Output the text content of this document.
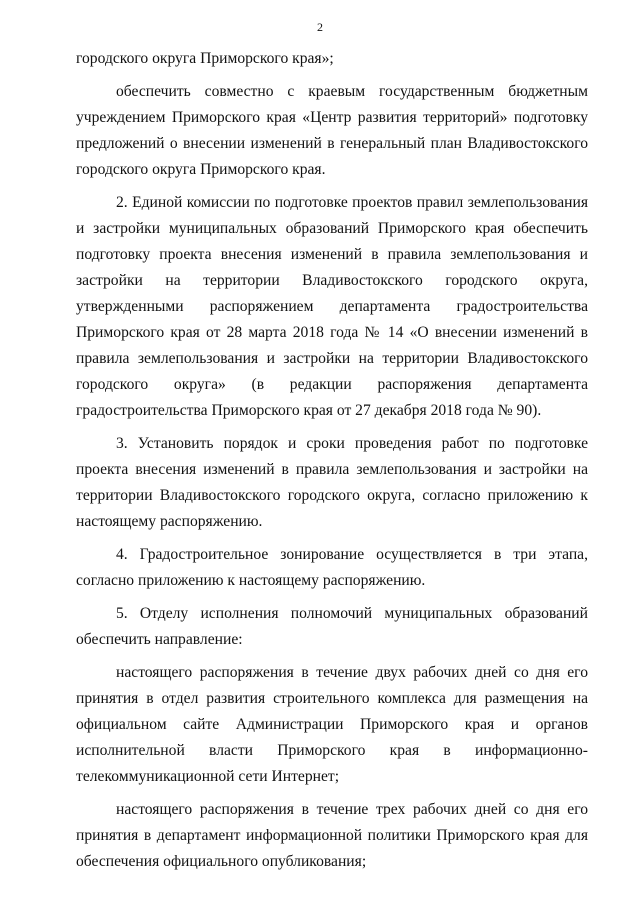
2

городского округа Приморского края»;

обеспечить совместно с краевым государственным бюджетным учреждением Приморского края «Центр развития территорий» подготовку предложений о внесении изменений в генеральный план Владивостокского городского округа Приморского края.

2. Единой комиссии по подготовке проектов правил землепользования и застройки муниципальных образований Приморского края обеспечить подготовку проекта внесения изменений в правила землепользования и застройки на территории Владивостокского городского округа, утвержденными распоряжением департамента градостроительства Приморского края от 28 марта 2018 года № 14 «О внесении изменений в правила землепользования и застройки на территории Владивостокского городского округа» (в редакции распоряжения департамента градостроительства Приморского края от 27 декабря 2018 года № 90).

3. Установить порядок и сроки проведения работ по подготовке проекта внесения изменений в правила землепользования и застройки на территории Владивостокского городского округа, согласно приложению к настоящему распоряжению.

4. Градостроительное зонирование осуществляется в три этапа, согласно приложению к настоящему распоряжению.

5. Отделу исполнения полномочий муниципальных образований обеспечить направление:

настоящего распоряжения в течение двух рабочих дней со дня его принятия в отдел развития строительного комплекса для размещения на официальном сайте Администрации Приморского края и органов исполнительной власти Приморского края в информационно-телекоммуникационной сети Интернет;

настоящего распоряжения в течение трех рабочих дней со дня его принятия в департамент информационной политики Приморского края для обеспечения официального опубликования;
